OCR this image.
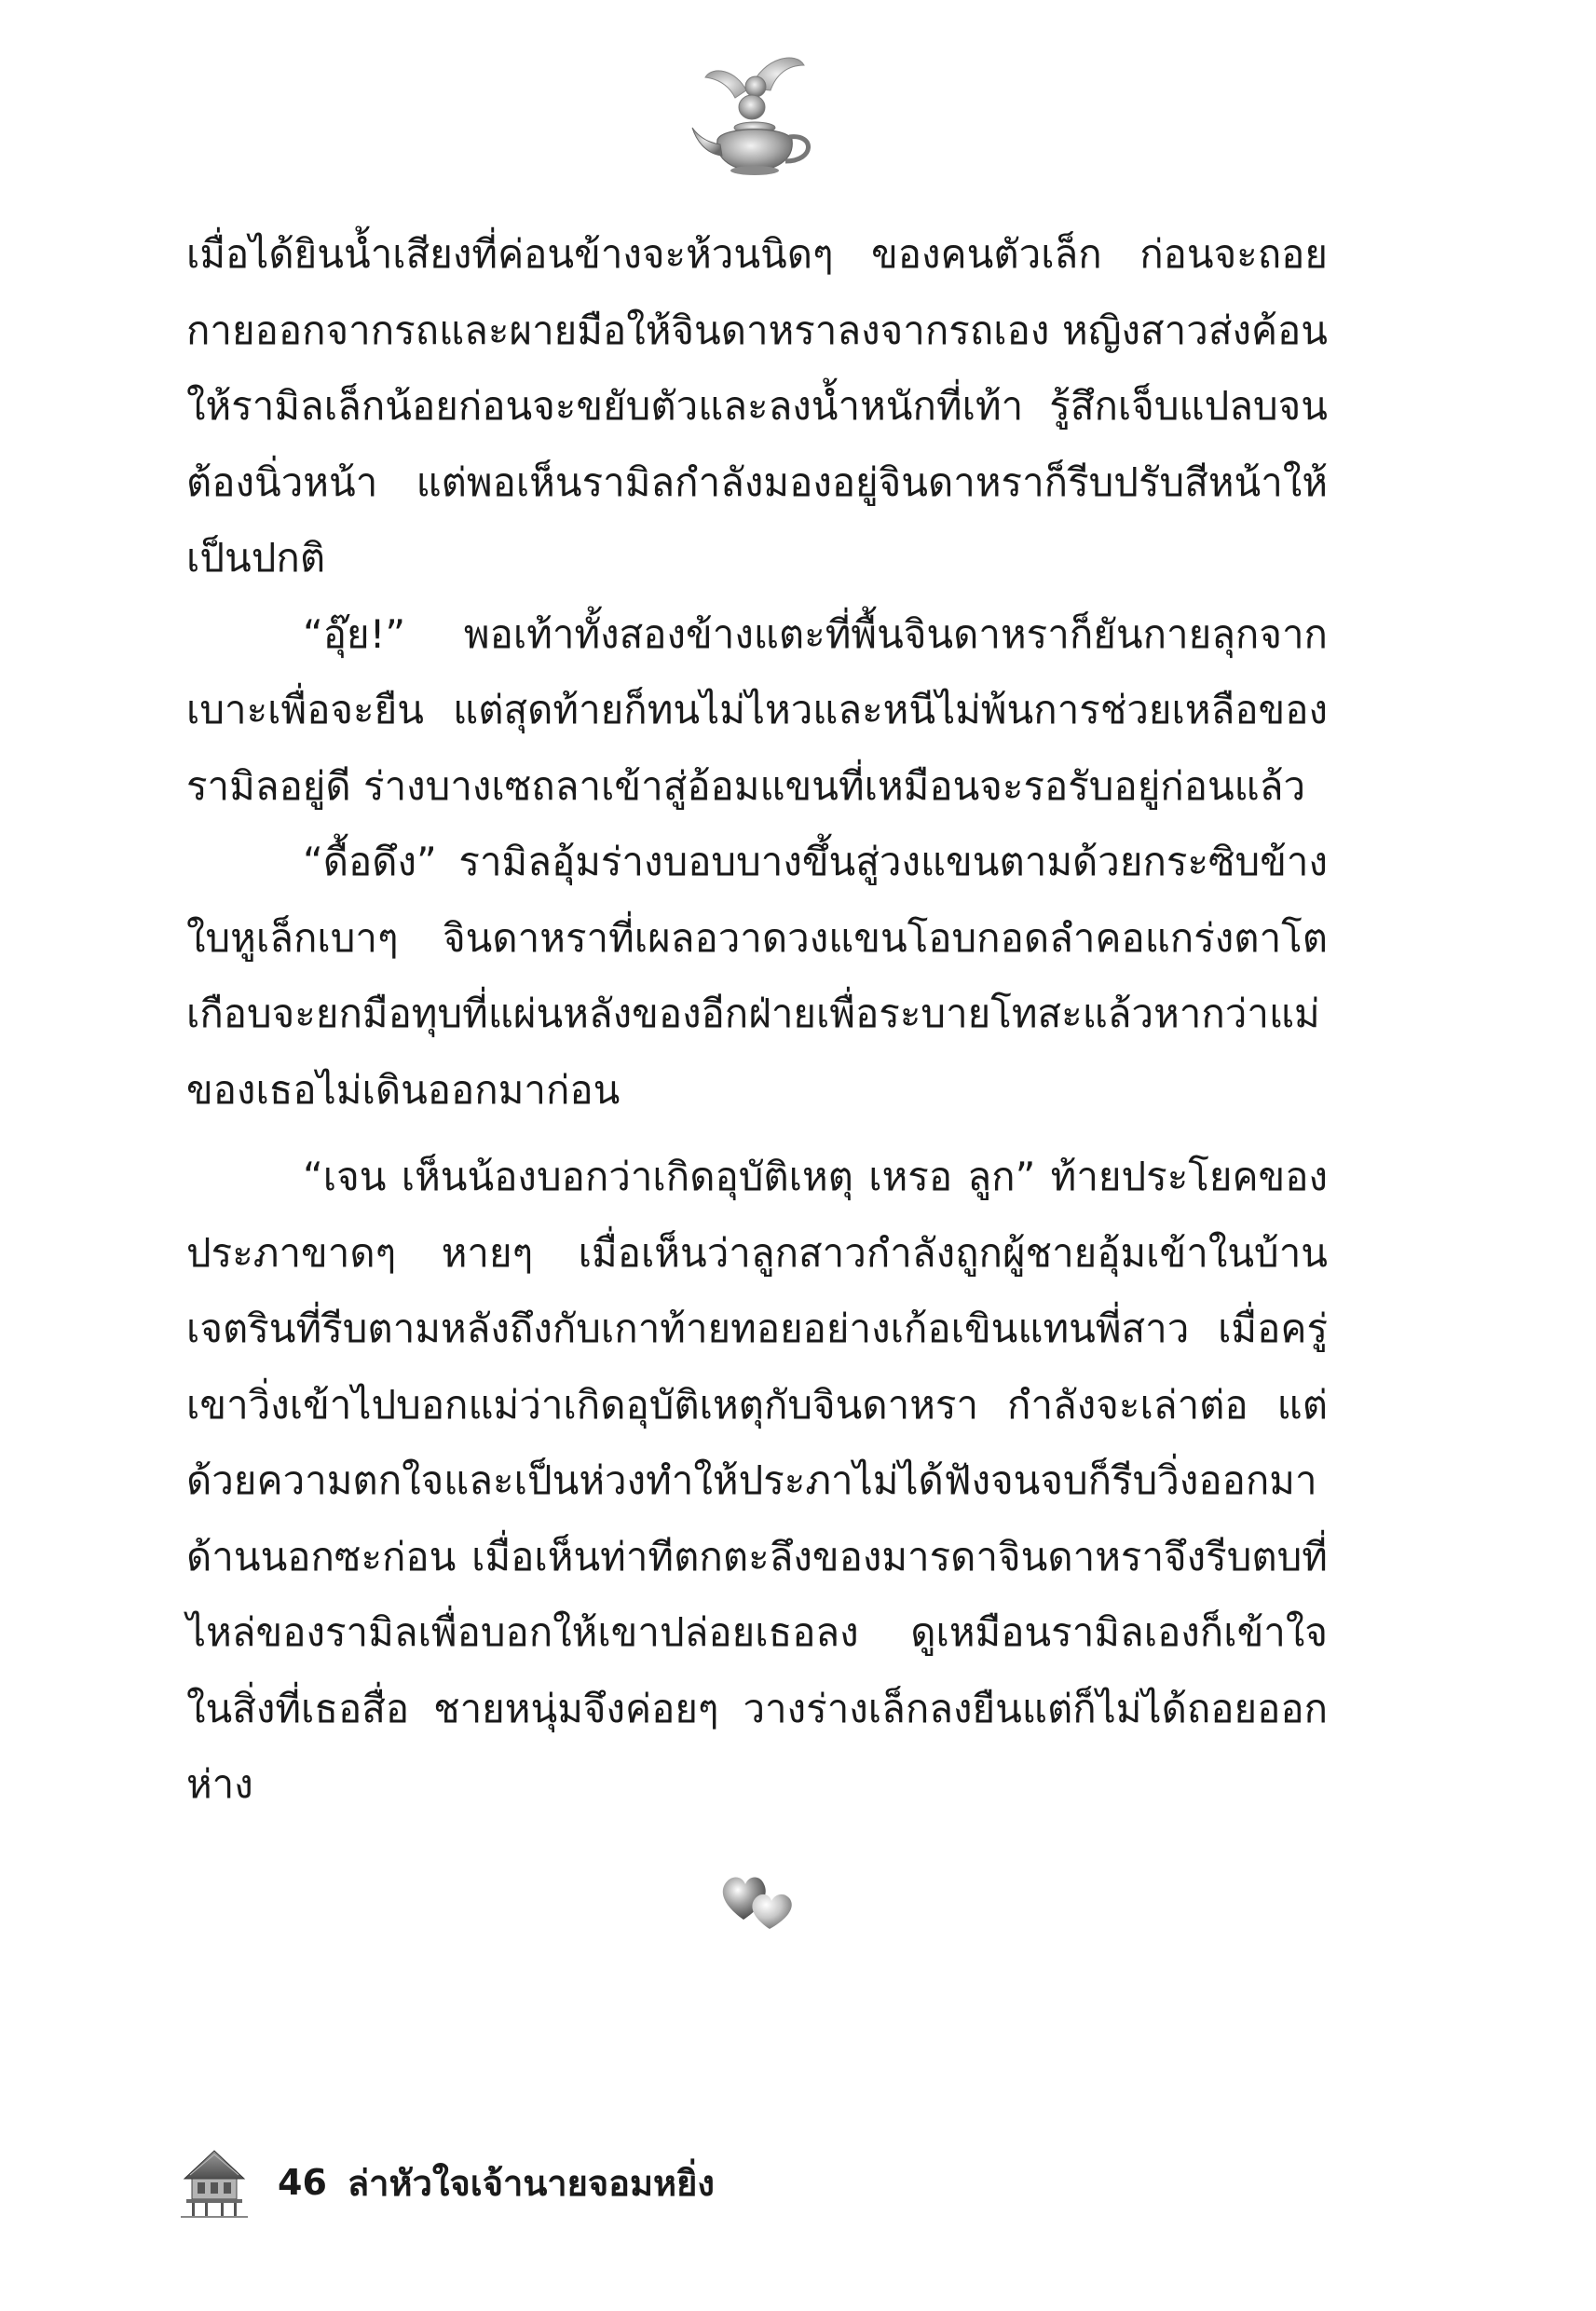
เมื่อได้ยินน้ำเสียงที่ค่อนข้างจะห้วนนิดๆ ของคนตัวเล็ก ก่อนจะถอยกายออกจากรถและผายมือให้จินดาหราลงจากรถเอง หญิงสาวส่งค้อนให้รามิลเล็กน้อยก่อนจะขยับตัวและลงน้ำหนักที่เท้า รู้สึกเจ็บแปลบจนต้องนิ่วหน้า แต่พอเห็นรามิลกำลังมองอยู่จินดาหราก็รีบปรับสีหน้าให้เป็นปกติ

“อุ๊ย!” พอเท้าทั้งสองข้างแตะที่พื้นจินดาหราก็ยันกายลุกจากเบาะเพื่อจะยืน แต่สุดท้ายก็ทนไม่ไหวและหนีไม่พ้นการช่วยเหลือของรามิลอยู่ดี ร่างบางเซถลาเข้าสู่อ้อมแขนที่เหมือนจะรอรับอยู่ก่อนแล้ว

“ดื้อดึง” รามิลอุ้มร่างบอบบางขึ้นสู่วงแขนตามด้วยกระซิบข้างใบหูเล็กเบาๆ จินดาหราที่เผลอวาดวงแขนโอบกอดลำคอแกร่งตาโตเกือบจะยกมือทุบที่แผ่นหลังของอีกฝ่ายเพื่อระบายโทสะแล้วหากว่าแม่ของเธอไม่เดินออกมาก่อน

“เจน เห็นน้องบอกว่าเกิดอุบัติเหตุ เหรอ ลูก” ท้ายประโยคของประภาขาดๆ หายๆ เมื่อเห็นว่าลูกสาวกำลังถูกผู้ชายอุ้มเข้าในบ้าน เจตรินที่รีบตามหลังถึงกับเกาท้ายทอยอย่างเก้อเขินแทนพี่สาว เมื่อครู่เขาวิ่งเข้าไปบอกแม่ว่าเกิดอุบัติเหตุกับจินดาหรา กำลังจะเล่าต่อ แต่ด้วยความตกใจและเป็นห่วงทำให้ประภาไม่ได้ฟังจนจบก็รีบวิ่งออกมาด้านนอกซะก่อน เมื่อเห็นท่าทีตกตะลึงของมารดาจินดาหราจึงรีบตบที่ไหล่ของรามิลเพื่อบอกให้เขาปล่อยเธอลง ดูเหมือนรามิลเองก็เข้าใจในสิ่งที่เธอสื่อ ชายหนุ่มจึงค่อยๆ วางร่างเล็กลงยืนแต่ก็ไม่ได้ถอยออกห่าง

46 ล่าหัวใจเจ้านายจอมหยิ่ง
